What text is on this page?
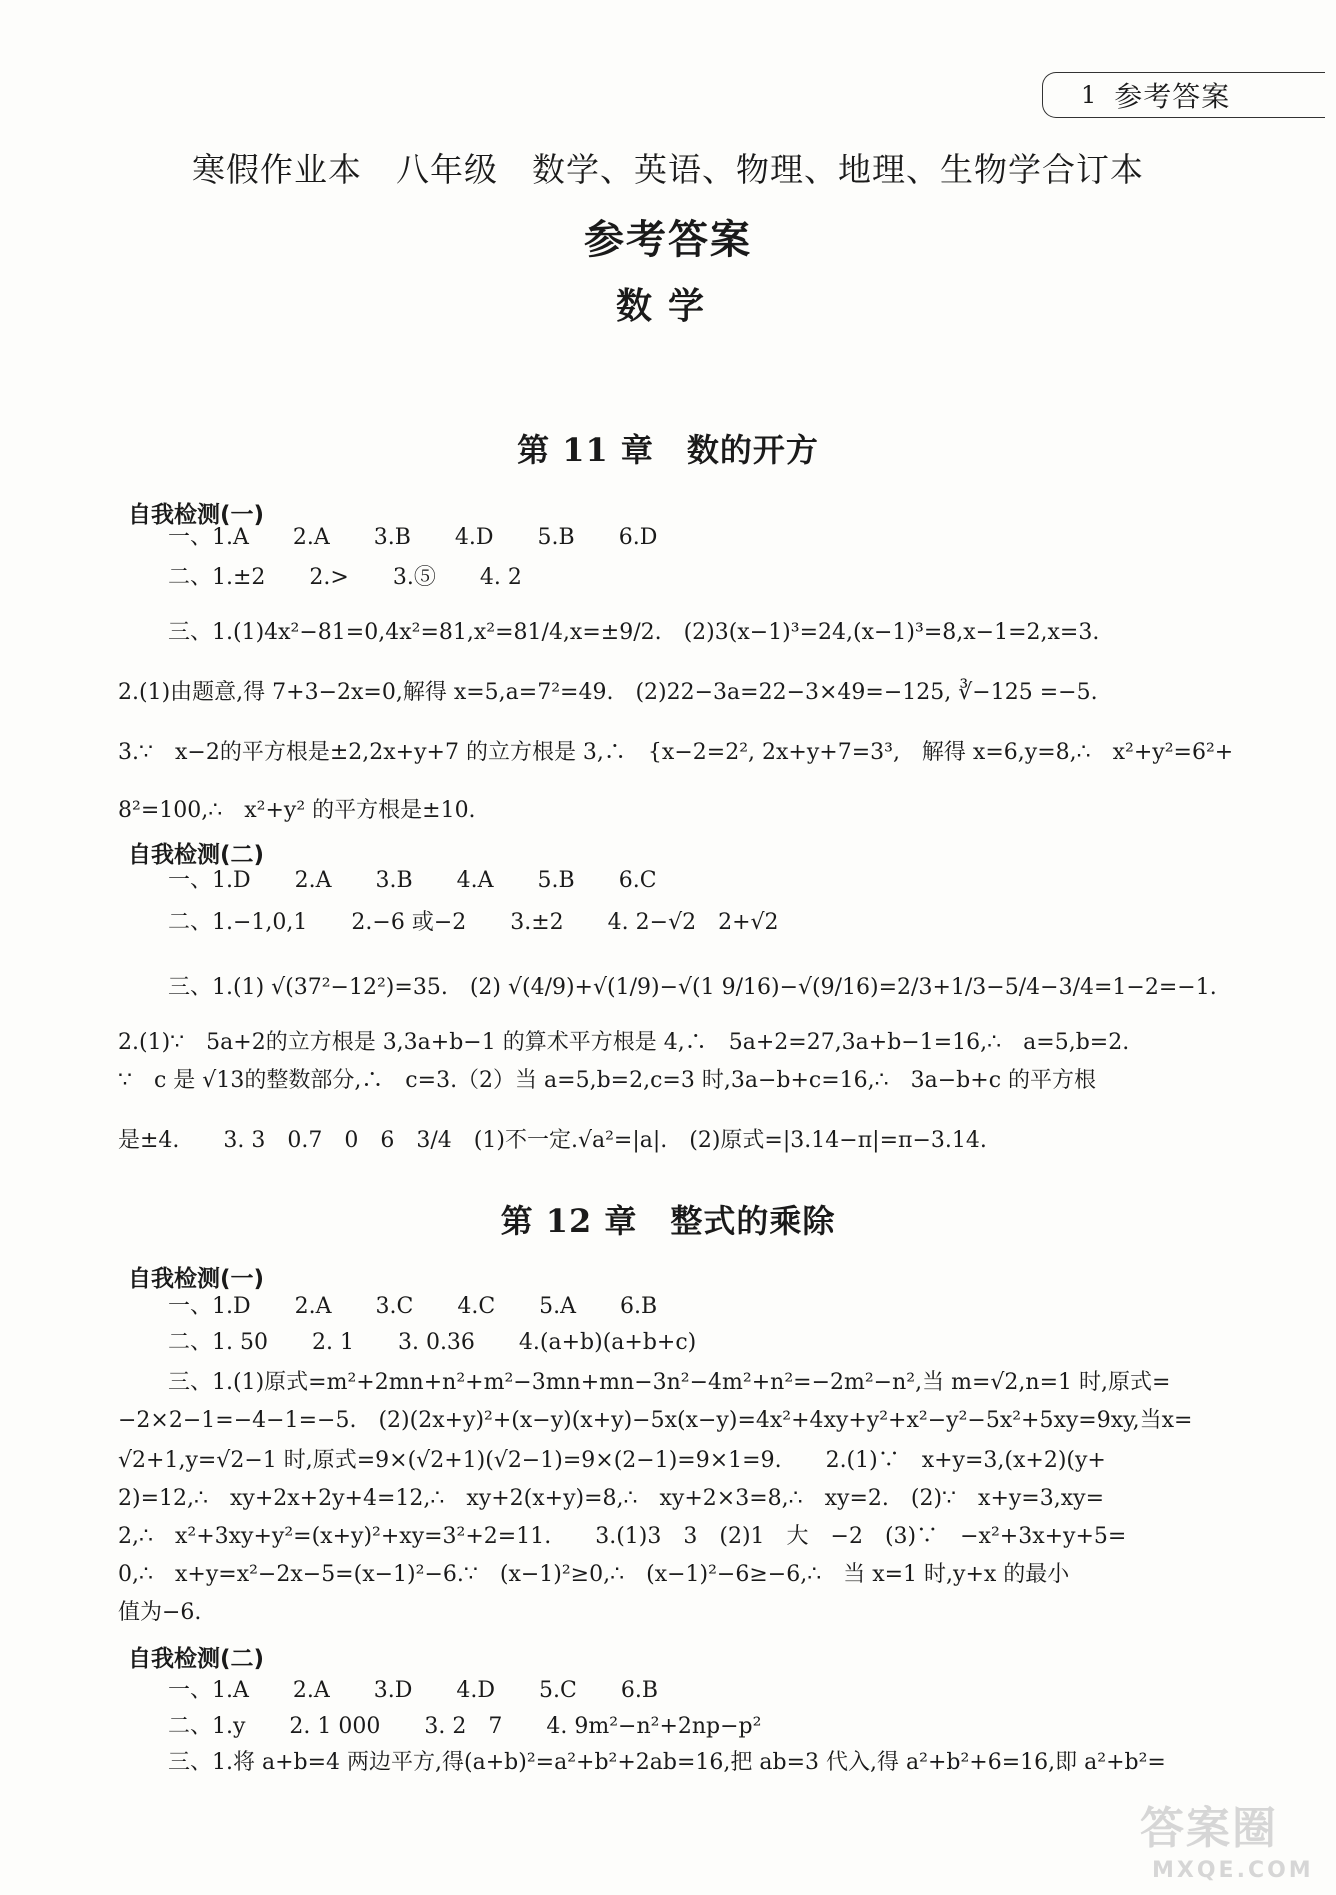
1 参考答案
寒假作业本　八年级　数学、英语、物理、地理、生物学合订本
参考答案
数学
第 11 章　数的开方
自我检测(一)
一、1.A　　2.A　　3.B　　4.D　　5.B　　6.D
二、1.±2　　2.>　　3.⑤　　4. 2
三、1.(1)4x²−81=0,4x²=81,x²=81/4,x=±9/2.　(2)3(x−1)³=24,(x−1)³=8,x−1=2,x=3.
2.(1)由题意,得 7+3−2x=0,解得 x=5,a=7²=49.　(2)22−3a=22−3×49=−125, ∛−125 =−5.
3.∵　x−2的平方根是±2,2x+y+7 的立方根是 3,∴　{x−2=2², 2x+y+7=3³,　解得 x=6,y=8,∴　x²+y²=6²+
8²=100,∴　x²+y² 的平方根是±10.
自我检测(二)
一、1.D　　2.A　　3.B　　4.A　　5.B　　6.C
二、1.−1,0,1　　2.−6 或−2　　3.±2　　4. 2−√2　2+√2
三、1.(1) √(37²−12²)=35.　(2) √(4/9)+√(1/9)−√(1 9/16)−√(9/16)=2/3+1/3−5/4−3/4=1−2=−1.
2.(1)∵　5a+2的立方根是 3,3a+b−1 的算术平方根是 4,∴　5a+2=27,3a+b−1=16,∴　a=5,b=2.
∵　c 是 √13的整数部分,∴　c=3.（2）当 a=5,b=2,c=3 时,3a−b+c=16,∴　3a−b+c 的平方根
是±4.　　3. 3　0.7　0　6　3/4　(1)不一定.√a²=|a|.　(2)原式=|3.14−π|=π−3.14.
第 12 章　整式的乘除
自我检测(一)
一、1.D　　2.A　　3.C　　4.C　　5.A　　6.B
二、1. 50　　2. 1　　3. 0.36　　4.(a+b)(a+b+c)
三、1.(1)原式=m²+2mn+n²+m²−3mn+mn−3n²−4m²+n²=−2m²−n²,当 m=√2,n=1 时,原式=
−2×2−1=−4−1=−5.　(2)(2x+y)²+(x−y)(x+y)−5x(x−y)=4x²+4xy+y²+x²−y²−5x²+5xy=9xy,当x=
√2+1,y=√2−1 时,原式=9×(√2+1)(√2−1)=9×(2−1)=9×1=9.　　2.(1)∵　x+y=3,(x+2)(y+
2)=12,∴　xy+2x+2y+4=12,∴　xy+2(x+y)=8,∴　xy+2×3=8,∴　xy=2.　(2)∵　x+y=3,xy=
2,∴　x²+3xy+y²=(x+y)²+xy=3²+2=11.　　3.(1)3　3　(2)1　大　−2　(3)∵　−x²+3x+y+5=
0,∴　x+y=x²−2x−5=(x−1)²−6.∵　(x−1)²≥0,∴　(x−1)²−6≥−6,∴　当 x=1 时,y+x 的最小
值为−6.
自我检测(二)
一、1.A　　2.A　　3.D　　4.D　　5.C　　6.B
二、1.y　　2. 1 000　　3. 2　7　　4. 9m²−n²+2np−p²
三、1.将 a+b=4 两边平方,得(a+b)²=a²+b²+2ab=16,把 ab=3 代入,得 a²+b²+6=16,即 a²+b²=
答案圈
MXQE.COM
